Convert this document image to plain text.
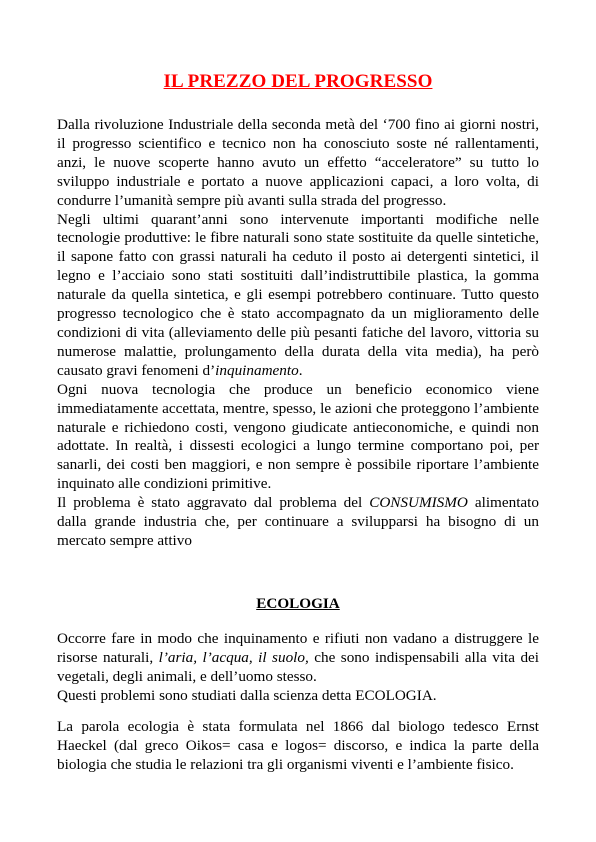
IL PREZZO DEL PROGRESSO

Dalla rivoluzione Industriale della seconda metà del ‘700 fino ai giorni nostri, il progresso scientifico e tecnico non ha conosciuto soste né rallentamenti, anzi, le nuove scoperte hanno avuto un effetto “acceleratore” su tutto lo sviluppo industriale e portato a nuove applicazioni capaci, a loro volta, di condurre l’umanità sempre più avanti sulla strada del progresso.

Negli ultimi quarant’anni sono intervenute importanti modifiche nelle tecnologie produttive: le fibre naturali sono state sostituite da quelle sintetiche, il sapone fatto con grassi naturali ha ceduto il posto ai detergenti sintetici, il legno e l’acciaio sono stati sostituiti dall’indistruttibile plastica, la gomma naturale da quella sintetica, e gli esempi potrebbero continuare. Tutto questo progresso tecnologico che è stato accompagnato da un miglioramento delle condizioni di vita (alleviamento delle più pesanti fatiche del lavoro, vittoria su numerose malattie, prolungamento della durata della vita media), ha però causato gravi fenomeni d’inquinamento.

Ogni nuova tecnologia che produce un beneficio economico viene immediatamente accettata, mentre, spesso, le azioni che proteggono l’ambiente naturale e richiedono costi, vengono giudicate antieconomiche, e quindi non adottate. In realtà, i dissesti ecologici a lungo termine comportano poi, per sanarli, dei costi ben maggiori, e non sempre è possibile riportare l’ambiente inquinato alle condizioni primitive.

Il problema è stato aggravato dal problema del CONSUMISMO alimentato dalla grande industria che, per continuare a svilupparsi ha bisogno di un mercato sempre attivo

ECOLOGIA

Occorre fare in modo che inquinamento e rifiuti non vadano a distruggere le risorse naturali, l’aria, l’acqua, il suolo, che sono indispensabili alla vita dei vegetali, degli animali, e dell’uomo stesso.

Questi problemi sono studiati dalla scienza detta ECOLOGIA.

La parola ecologia è stata formulata nel 1866 dal biologo tedesco Ernst Haeckel (dal greco Oikos= casa e logos= discorso, e indica la parte della biologia che studia le relazioni tra gli organismi viventi e l’ambiente fisico.
